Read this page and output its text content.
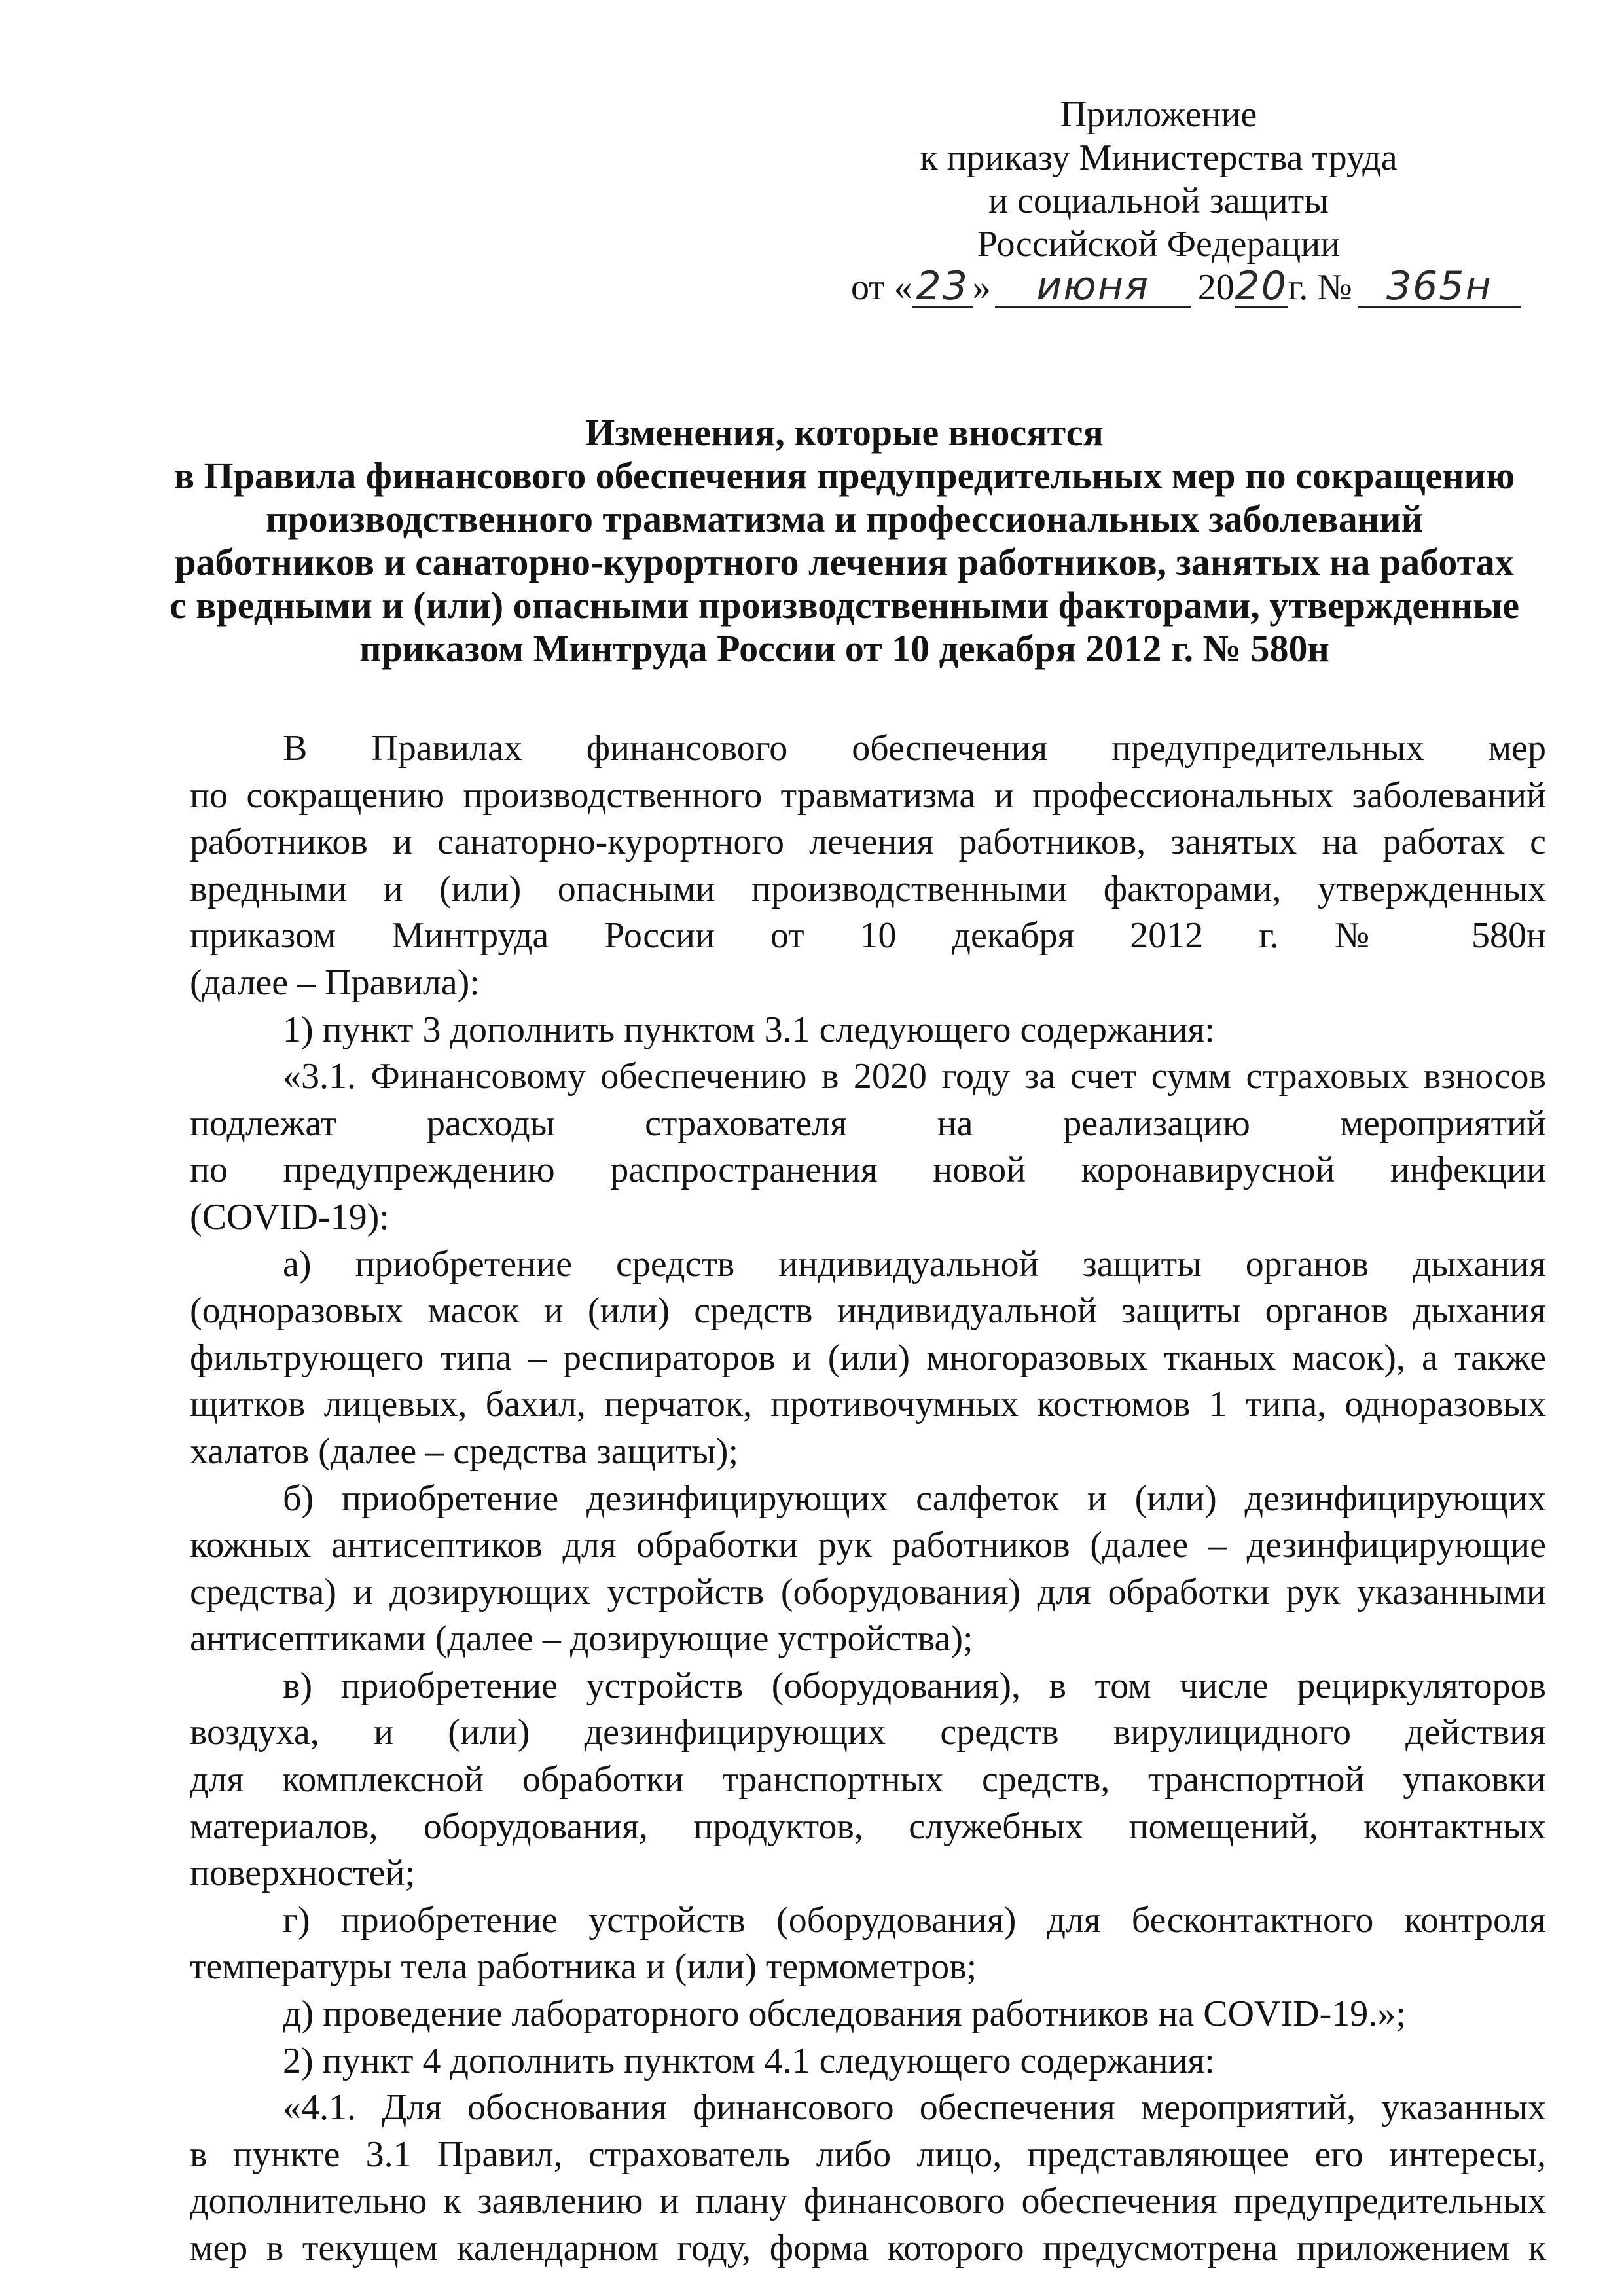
Приложение
к приказу Министерства труда
и социальной защиты
Российской Федерации
от «23 » июня 2020г. № 365н
Изменения, которые вносятся
в Правила финансового обеспечения предупредительных мер по сокращению
производственного травматизма и профессиональных заболеваний
работников и санаторно-курортного лечения работников, занятых на работах
с вредными и (или) опасными производственными факторами, утвержденные
приказом Минтруда России от 10 декабря 2012 г. № 580н

В Правилах финансового обеспечения предупредительных мер

по сокращению производственного травматизма и профессиональных заболеваний

работников и санаторно-курортного лечения работников, занятых на работах с

вредными и (или) опасными производственными факторами, утвержденных

приказом Минтруда России от 10 декабря 2012 г. № 580н

(далее – Правила):

1) пункт 3 дополнить пунктом 3.1 следующего содержания:

«3.1. Финансовому обеспечению в 2020 году за счет сумм страховых взносов

подлежат расходы страхователя на реализацию мероприятий

по предупреждению распространения новой коронавирусной инфекции

(COVID-19):

а) приобретение средств индивидуальной защиты органов дыхания

(одноразовых масок и (или) средств индивидуальной защиты органов дыхания

фильтрующего типа – респираторов и (или) многоразовых тканых масок), а также

щитков лицевых, бахил, перчаток, противочумных костюмов 1 типа, одноразовых

халатов (далее – средства защиты);

б) приобретение дезинфицирующих салфеток и (или) дезинфицирующих

кожных антисептиков для обработки рук работников (далее – дезинфицирующие

средства) и дозирующих устройств (оборудования) для обработки рук указанными

антисептиками (далее – дозирующие устройства);

в) приобретение устройств (оборудования), в том числе рециркуляторов

воздуха, и (или) дезинфицирующих средств вирулицидного действия

для комплексной обработки транспортных средств, транспортной упаковки

материалов, оборудования, продуктов, служебных помещений, контактных

поверхностей;

г) приобретение устройств (оборудования) для бесконтактного контроля

температуры тела работника и (или) термометров;

д) проведение лабораторного обследования работников на COVID-19.»;

2) пункт 4 дополнить пунктом 4.1 следующего содержания:

«4.1. Для обоснования финансового обеспечения мероприятий, указанных

в пункте 3.1 Правил, страхователь либо лицо, представляющее его интересы,

дополнительно к заявлению и плану финансового обеспечения предупредительных

мер в текущем календарном году, форма которого предусмотрена приложением к
